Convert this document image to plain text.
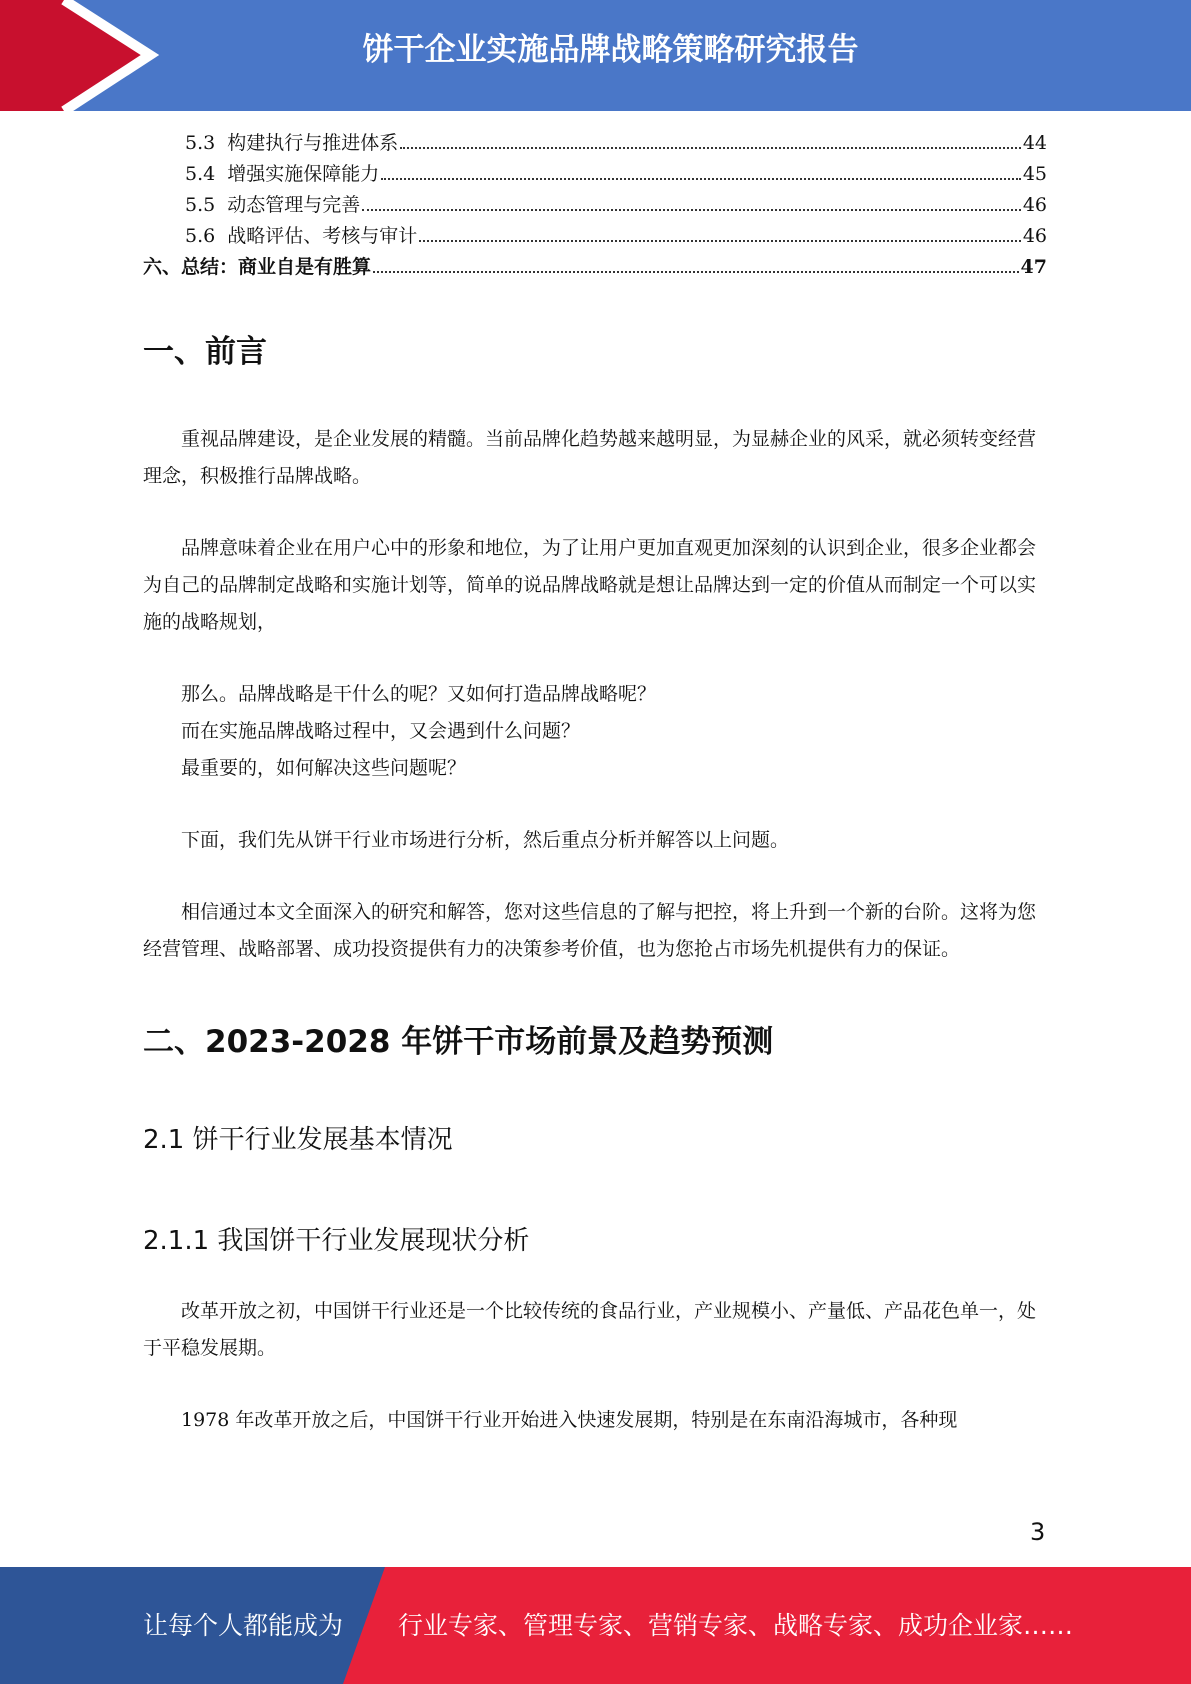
饼干企业实施品牌战略策略研究报告
5.3  构建执行与推进体系	44
5.4  增强实施保障能力	45
5.5  动态管理与完善	46
5.6  战略评估、考核与审计	46
六、总结：商业自是有胜算	47
一、前言

重视品牌建设，是企业发展的精髓。当前品牌化趋势越来越明显，为显赫企业的风采，就必须转变经营理念，积极推行品牌战略。

品牌意味着企业在用户心中的形象和地位，为了让用户更加直观更加深刻的认识到企业，很多企业都会为自己的品牌制定战略和实施计划等，简单的说品牌战略就是想让品牌达到一定的价值从而制定一个可以实施的战略规划，

那么。品牌战略是干什么的呢？又如何打造品牌战略呢？

而在实施品牌战略过程中，又会遇到什么问题？

最重要的，如何解决这些问题呢？

下面，我们先从饼干行业市场进行分析，然后重点分析并解答以上问题。

相信通过本文全面深入的研究和解答，您对这些信息的了解与把控，将上升到一个新的台阶。这将为您经营管理、战略部署、成功投资提供有力的决策参考价值，也为您抢占市场先机提供有力的保证。

二、2023-2028 年饼干市场前景及趋势预测
2.1 饼干行业发展基本情况
2.1.1 我国饼干行业发展现状分析

改革开放之初，中国饼干行业还是一个比较传统的食品行业，产业规模小、产量低、产品花色单一，处于平稳发展期。

1978 年改革开放之后，中国饼干行业开始进入快速发展期，特别是在东南沿海城市，各种现

3
让每个人都能成为 行业专家、管理专家、营销专家、战略专家、成功企业家……
